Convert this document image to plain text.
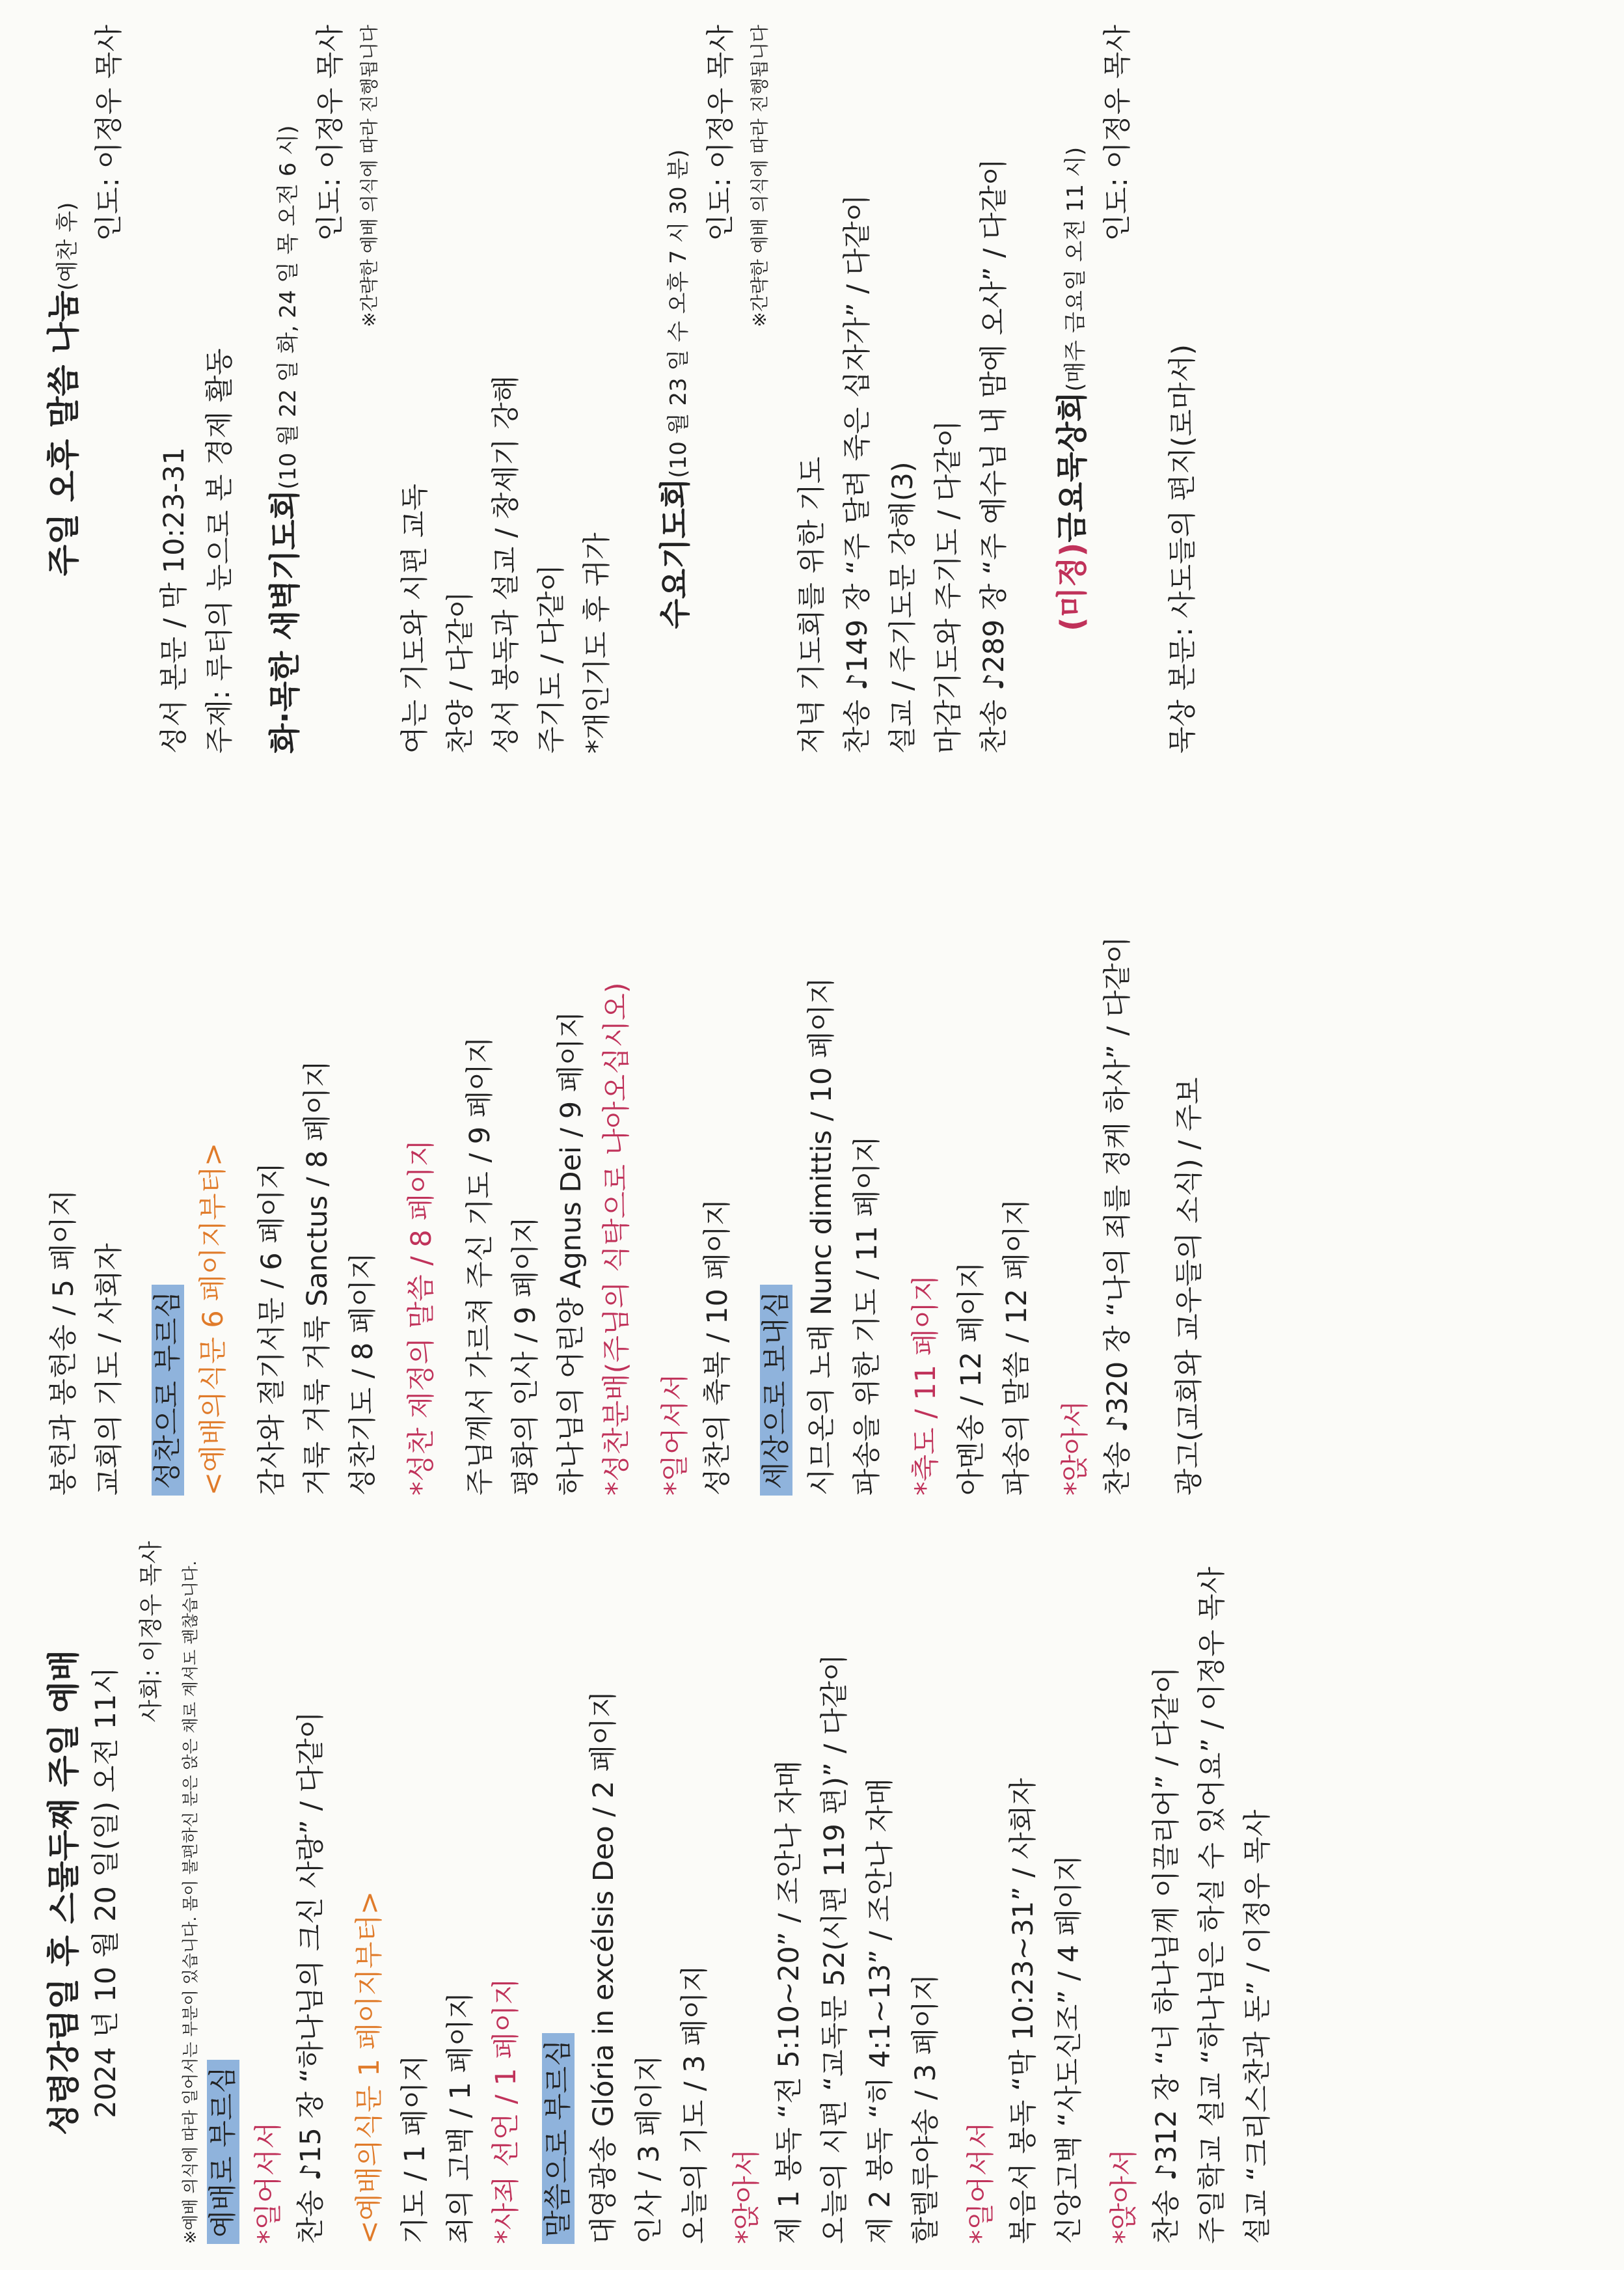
성령강림일 후 스물두째 주일 예배 2024 년 10 월 20 일(일) 오전 11시
사회: 이정우 목사	※예배 의식에 따라 일어서는 부분이 있습니다. 몸이 불편하신 분은 앉은 채로 계셔도 괜찮습니다. 예배로 부르심 *일어서서 찬송 ♪15 장 “하나님의 크신 사랑” / 다같이 <예배의식문 1 페이지부터> 기도 / 1 페이지 죄의 고백 / 1 페이지 *사죄 선언 / 1 페이지 말씀으로 부르심 대영광송 Glória in excélsis Deo / 2 페이지 인사 / 3 페이지 오늘의 기도 / 3 페이지 *앉아서 제 1 봉독 “전 5:10~20” / 조안나 자매 오늘의 시편 “교독문 52(시편 119 편)” / 다같이 제 2 봉독 “히 4:1~13” / 조안나 자매 할렐루야송 / 3 페이지 *일어서서 복음서 봉독 “막 10:23~31” / 사회자 신앙고백 “사도신조” / 4 페이지 *앉아서 찬송 ♪312 장 “너 하나님께 이끌리어” / 다같이 주일학교 설교 “하나님은 하실 수 있어요” / 이정우 목사 설교 “크리스찬과 돈” / 이정우 목사
봉헌과 봉헌송 / 5 페이지 교회의 기도 / 사회자 성찬으로 부르심 <예배의식문 6 페이지부터> 감사와 절기서문 / 6 페이지 거룩 거룩 거룩 Sanctus / 8 페이지 성찬기도 / 8 페이지 *성찬 제정의 말씀 / 8 페이지 주님께서 가르쳐 주신 기도 / 9 페이지 평화의 인사 / 9 페이지 하나님의 어린양 Agnus Dei / 9 페이지 *성찬분배(주님의 식탁으로 나아오십시오) *일어서서 성찬의 축복 / 10 페이지 세상으로 보내심 시므온의 노래 Nunc dimittis / 10 페이지 파송을 위한 기도 / 11 페이지 *축도 / 11 페이지 아멘송 / 12 페이지 파송의 말씀 / 12 페이지 *앉아서 찬송 ♪320 장 “나의 죄를 정케 하사” / 다같이 광고(교회와 교우들의 소식) / 주보
주일 오후 말씀 나눔(예찬 후)
인도: 이정우 목사
성서 본문 / 막 10:23-31 주제: 루터의 눈으로 본 경제 활동 화·목한 새벽기도회(10 월 22 일 화, 24 일 목 오전 6 시) 인도: 이정우 목사 ※간략한 예배 의식에 따라 진행됩니다
여는 기도와 시편 교독 찬양 / 다같이 성서 봉독과 설교 / 창세기 강해 주기도 / 다같이 *개인기도 후 귀가 수요기도회(10 월 23 일 수 오후 7 시 30 분)
인도: 이정우 목사 ※간략한 예배 의식에 따라 진행됩니다
저녁 기도회를 위한 기도 찬송 ♪149 장 “주 달려 죽은 십자가” / 다같이 설교 / 주기도문 강해(3) 마감기도와 주기도 / 다같이 찬송 ♪289 장 “주 예수님 내 맘에 오사” / 다같이 (미정)금요묵상회(매주 금요일 오전 11 시)
인도: 이정우 목사
묵상 본문: 사도들의 편지(로마서)
